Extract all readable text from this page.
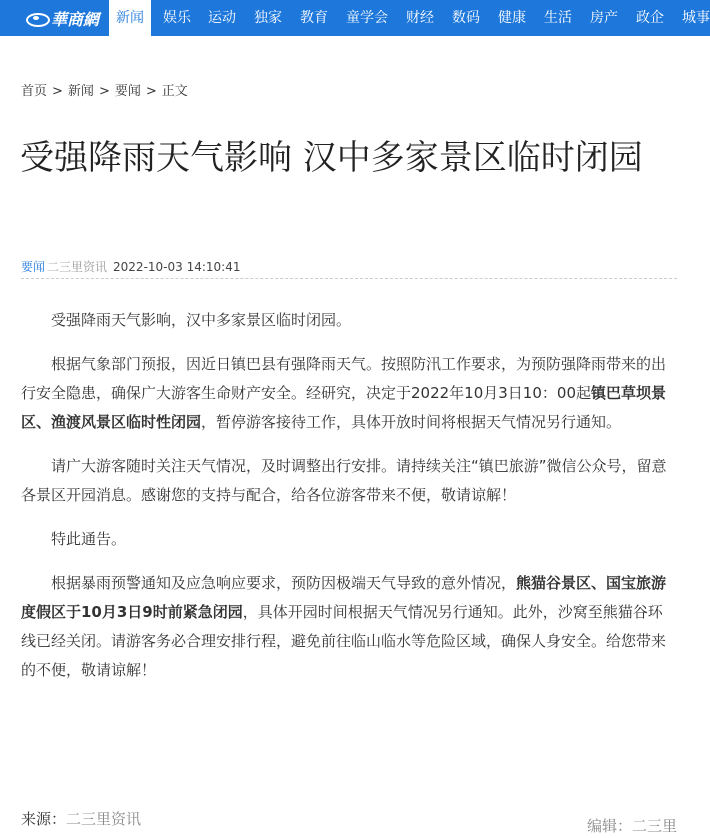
華商網	新闻	娱乐 运动 独家 教育 童学会 财经 数码 健康 生活 房产 政企 城事
首页 > 新闻 > 要闻 > 正文
受强降雨天气影响 汉中多家景区临时闭园
要闻 二三里资讯 2022-10-03 14:10:41

受强降雨天气影响，汉中多家景区临时闭园。

根据气象部门预报，因近日镇巴县有强降雨天气。按照防汛工作要求，为预防强降雨带来的出行安全隐患，确保广大游客生命财产安全。经研究，决定于2022年10月3日10：00起镇巴草坝景区、渔渡风景区临时性闭园，暂停游客接待工作，具体开放时间将根据天气情况另行通知。

请广大游客随时关注天气情况，及时调整出行安排。请持续关注“镇巴旅游”微信公众号，留意各景区开园消息。感谢您的支持与配合，给各位游客带来不便，敬请谅解！

特此通告。

根据暴雨预警通知及应急响应要求，预防因极端天气导致的意外情况，熊猫谷景区、国宝旅游度假区于10月3日9时前紧急闭园，具体开园时间根据天气情况另行通知。此外，沙窝至熊猫谷环线已经关闭。请游客务必合理安排行程，避免前往临山临水等危险区域，确保人身安全。给您带来的不便，敬请谅解！

来源：二三里资讯	编辑：二三里
